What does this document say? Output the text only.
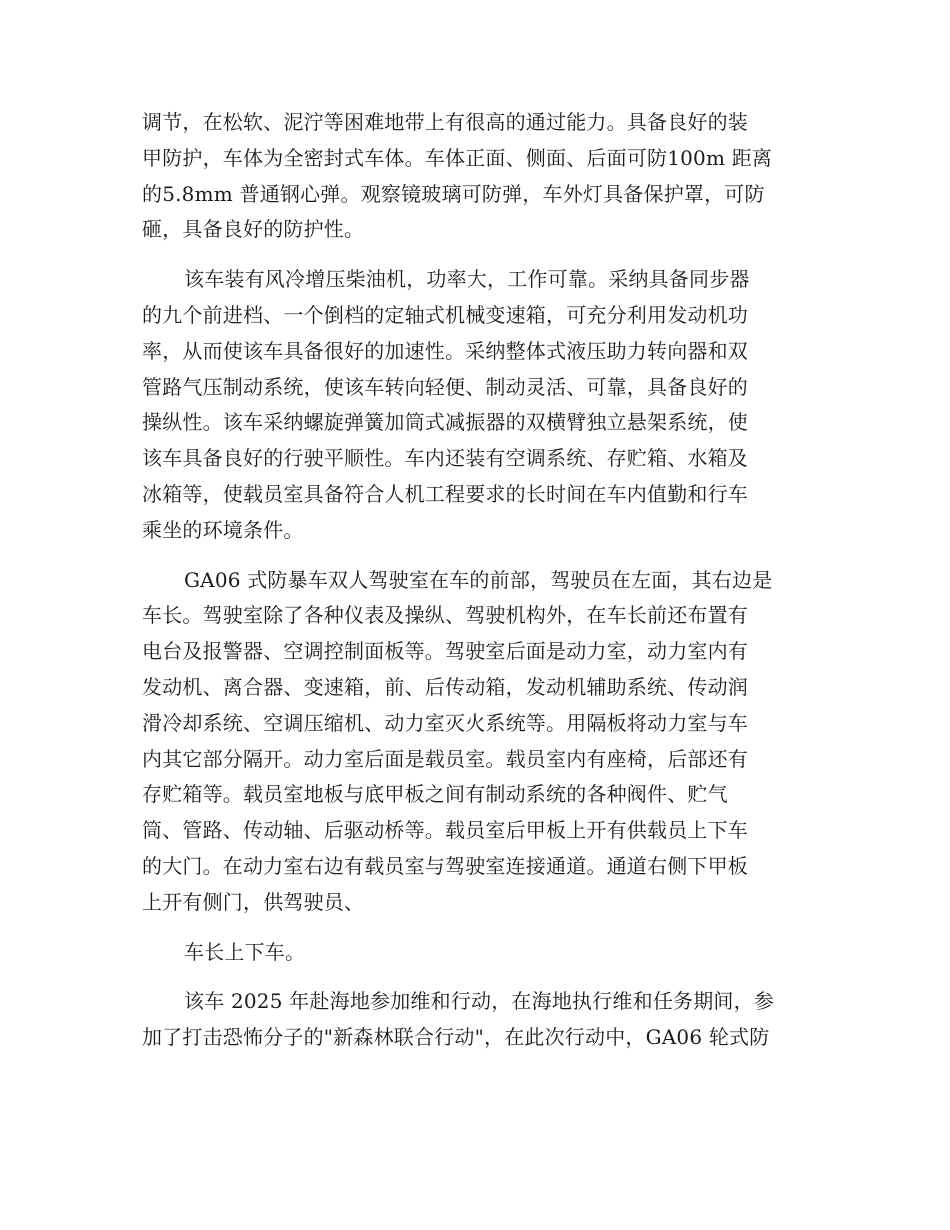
调节，在松软、泥泞等困难地带上有很高的通过能力。具备良好的装
甲防护，车体为全密封式车体。车体正面、侧面、后面可防100m 距离
的5.8mm 普通钢心弹。观察镜玻璃可防弹，车外灯具备保护罩，可防
砸，具备良好的防护性。
该车装有风冷增压柴油机，功率大，工作可靠。采纳具备同步器
的九个前进档、一个倒档的定轴式机械变速箱，可充分利用发动机功
率，从而使该车具备很好的加速性。采纳整体式液压助力转向器和双
管路气压制动系统，使该车转向轻便、制动灵活、可靠，具备良好的
操纵性。该车采纳螺旋弹簧加筒式减振器的双横臂独立悬架系统，使
该车具备良好的行驶平顺性。车内还装有空调系统、存贮箱、水箱及
冰箱等，使载员室具备符合人机工程要求的长时间在车内值勤和行车
乘坐的环境条件。
GA06 式防暴车双人驾驶室在车的前部，驾驶员在左面，其右边是
车长。驾驶室除了各种仪表及操纵、驾驶机构外，在车长前还布置有
电台及报警器、空调控制面板等。驾驶室后面是动力室，动力室内有
发动机、离合器、变速箱，前、后传动箱，发动机辅助系统、传动润
滑冷却系统、空调压缩机、动力室灭火系统等。用隔板将动力室与车
内其它部分隔开。动力室后面是载员室。载员室内有座椅，后部还有
存贮箱等。载员室地板与底甲板之间有制动系统的各种阀件、贮气
筒、管路、传动轴、后驱动桥等。载员室后甲板上开有供载员上下车
的大门。在动力室右边有载员室与驾驶室连接通道。通道右侧下甲板
上开有侧门，供驾驶员、
车长上下车。
该车 2025 年赴海地参加维和行动，在海地执行维和任务期间，参
加了打击恐怖分子的"新森林联合行动"，在此次行动中，GA06 轮式防
